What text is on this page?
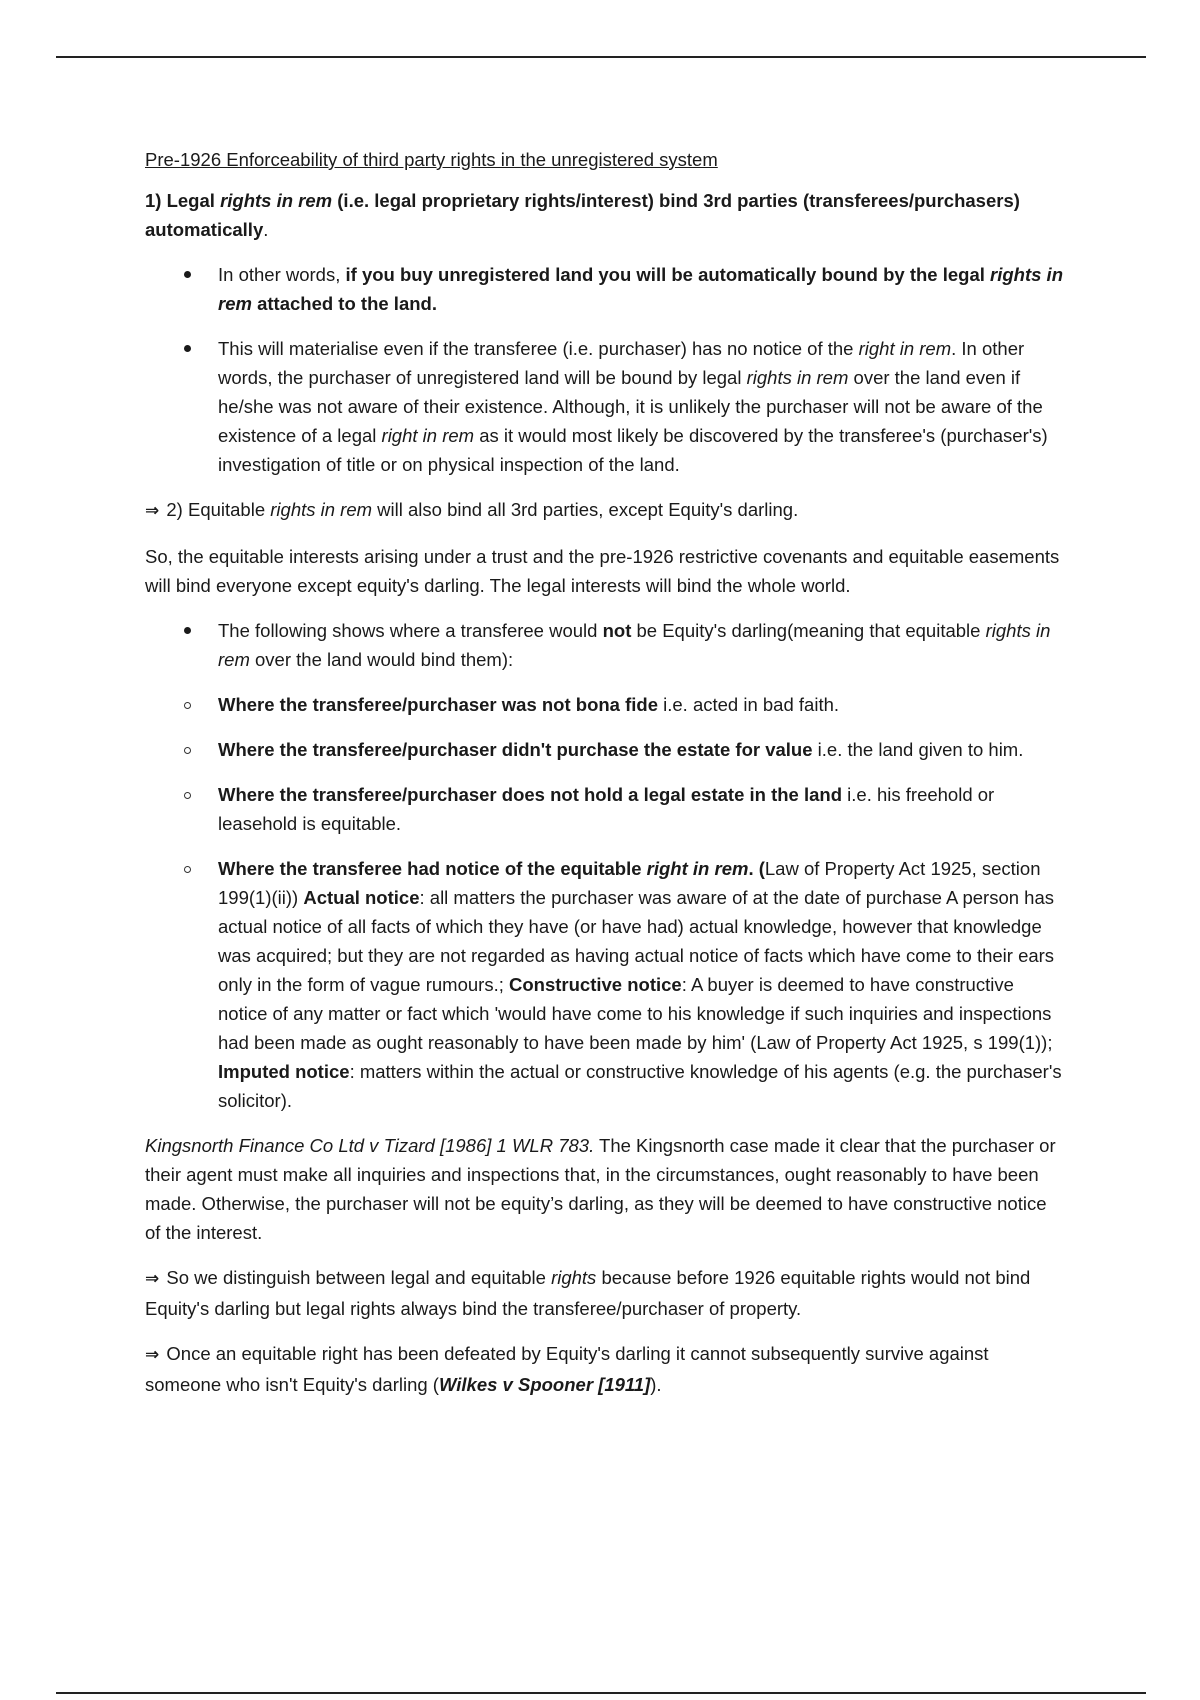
Pre-1926 Enforceability of third party rights in the unregistered system

1) Legal rights in rem (i.e. legal proprietary rights/interest) bind 3rd parties (transferees/purchasers) automatically.

In other words, if you buy unregistered land you will be automatically bound by the legal rights in rem attached to the land.
This will materialise even if the transferee (i.e. purchaser) has no notice of the right in rem. In other words, the purchaser of unregistered land will be bound by legal rights in rem over the land even if he/she was not aware of their existence. Although, it is unlikely the purchaser will not be aware of the existence of a legal right in rem as it would most likely be discovered by the transferee's (purchaser's) investigation of title or on physical inspection of the land.

⇒ 2) Equitable rights in rem will also bind all 3rd parties, except Equity's darling.

So, the equitable interests arising under a trust and the pre-1926 restrictive covenants and equitable easements will bind everyone except equity's darling. The legal interests will bind the whole world.

The following shows where a transferee would not be Equity's darling(meaning that equitable rights in rem over the land would bind them):
Where the transferee/purchaser was not bona fide i.e. acted in bad faith.
Where the transferee/purchaser didn't purchase the estate for value i.e. the land given to him.
Where the transferee/purchaser does not hold a legal estate in the land i.e. his freehold or leasehold is equitable.
Where the transferee had notice of the equitable right in rem. (Law of Property Act 1925, section 199(1)(ii)) Actual notice: all matters the purchaser was aware of at the date of purchase A person has actual notice of all facts of which they have (or have had) actual knowledge, however that knowledge was acquired; but they are not regarded as having actual notice of facts which have come to their ears only in the form of vague rumours.; Constructive notice: A buyer is deemed to have constructive notice of any matter or fact which 'would have come to his knowledge if such inquiries and inspections had been made as ought reasonably to have been made by him' (Law of Property Act 1925, s 199(1)); Imputed notice: matters within the actual or constructive knowledge of his agents (e.g. the purchaser's solicitor).

Kingsnorth Finance Co Ltd v Tizard [1986] 1 WLR 783. The Kingsnorth case made it clear that the purchaser or their agent must make all inquiries and inspections that, in the circumstances, ought reasonably to have been made. Otherwise, the purchaser will not be equity’s darling, as they will be deemed to have constructive notice of the interest.

⇒ So we distinguish between legal and equitable rights because before 1926 equitable rights would not bind Equity's darling but legal rights always bind the transferee/purchaser of property.

⇒ Once an equitable right has been defeated by Equity's darling it cannot subsequently survive against someone who isn't Equity's darling (Wilkes v Spooner [1911]).
